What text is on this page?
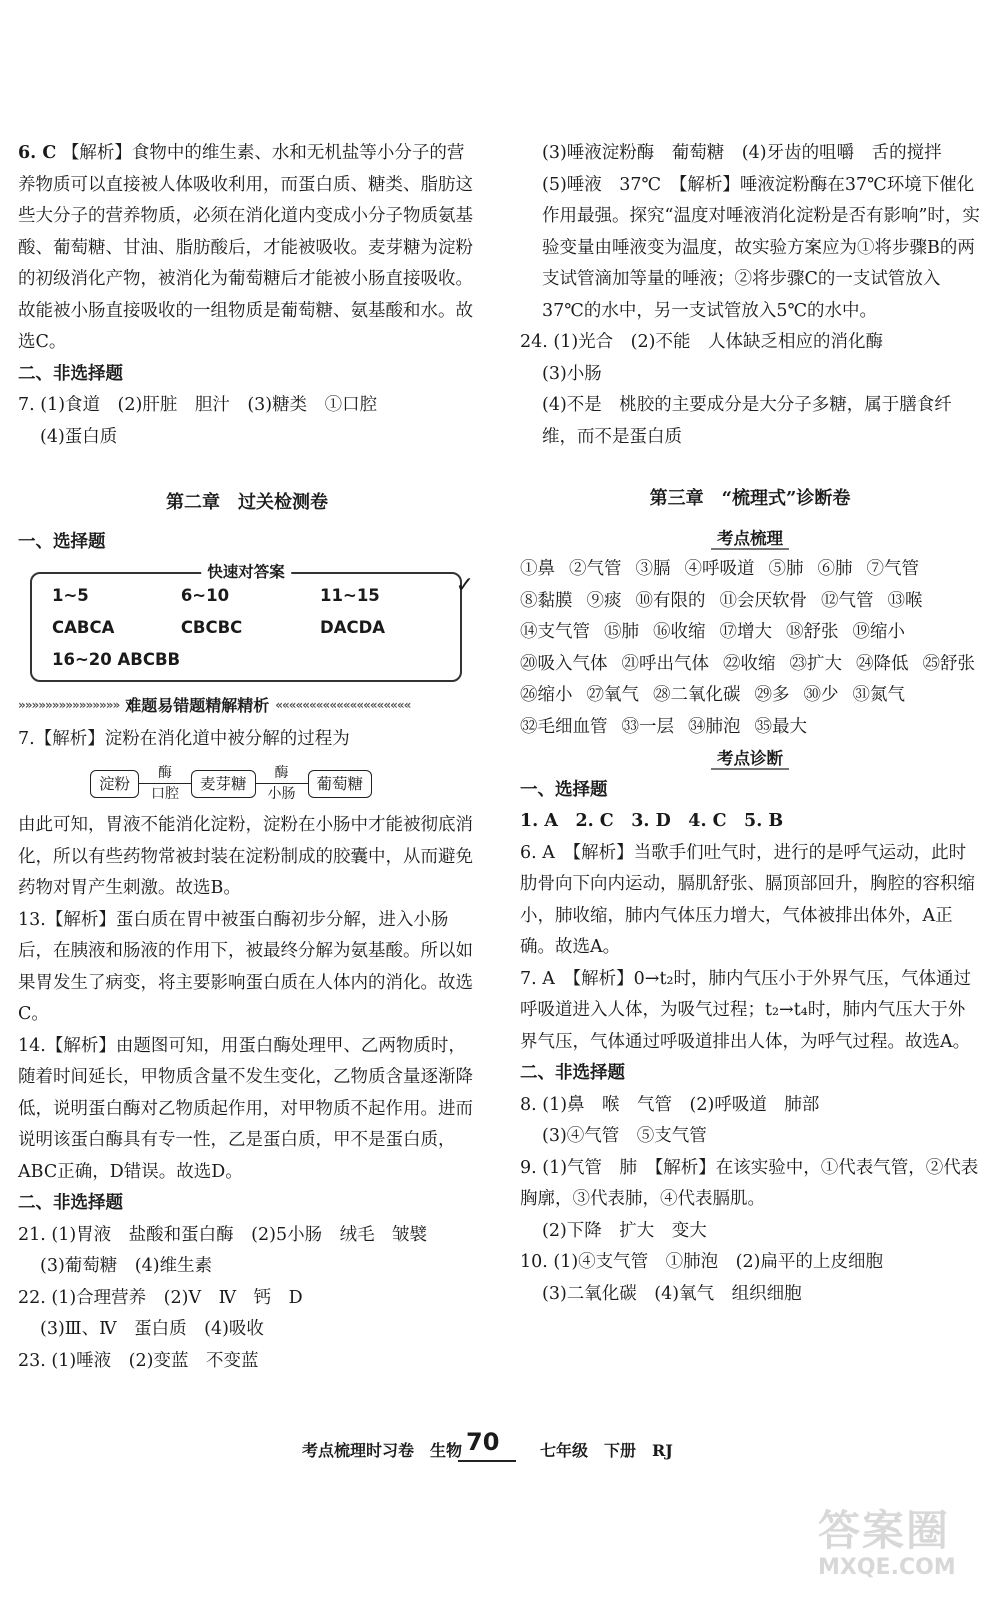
6. C 【解析】食物中的维生素、水和无机盐等小分子的营养物质可以直接被人体吸收利用，而蛋白质、糖类、脂肪这些大分子的营养物质，必须在消化道内变成小分子物质氨基酸、葡萄糖、甘油、脂肪酸后，才能被吸收。麦芽糖为淀粉的初级消化产物，被消化为葡萄糖后才能被小肠直接吸收。故能被小肠直接吸收的一组物质是葡萄糖、氨基酸和水。故选C。

二、非选择题

7. (1)食道　(2)肝脏　胆汁　(3)糖类　①口腔

(4)蛋白质

第二章　过关检测卷

一、选择题

快速对答案
✓
1~5 CABCA
6~10 CBCBC
11~15 DACDA
16~20 ABCBB
»»»»»»»»»»»»»»» 难题易错题精解精析 ««««««««««««««««««««

7.【解析】淀粉在消化道中被分解的过程为

淀粉
酶
口腔
麦芽糖
酶
小肠
葡萄糖

由此可知，胃液不能消化淀粉，淀粉在小肠中才能被彻底消化，所以有些药物常被封装在淀粉制成的胶囊中，从而避免药物对胃产生刺激。故选B。

13.【解析】蛋白质在胃中被蛋白酶初步分解，进入小肠后，在胰液和肠液的作用下，被最终分解为氨基酸。所以如果胃发生了病变，将主要影响蛋白质在人体内的消化。故选C。

14.【解析】由题图可知，用蛋白酶处理甲、乙两物质时，随着时间延长，甲物质含量不发生变化，乙物质含量逐渐降低，说明蛋白酶对乙物质起作用，对甲物质不起作用。进而说明该蛋白酶具有专一性，乙是蛋白质，甲不是蛋白质，ABC正确，D错误。故选D。

二、非选择题

21. (1)胃液　盐酸和蛋白酶　(2)5小肠　绒毛　皱襞

(3)葡萄糖　(4)维生素

22. (1)合理营养　(2)Ⅴ　Ⅳ　钙　D

(3)Ⅲ、Ⅳ　蛋白质　(4)吸收

23. (1)唾液　(2)变蓝　不变蓝

(3)唾液淀粉酶　葡萄糖　(4)牙齿的咀嚼　舌的搅拌

(5)唾液　37℃　【解析】唾液淀粉酶在37℃环境下催化作用最强。探究“温度对唾液消化淀粉是否有影响”时，实验变量由唾液变为温度，故实验方案应为①将步骤B的两支试管滴加等量的唾液；②将步骤C的一支试管放入37℃的水中，另一支试管放入5℃的水中。

24. (1)光合　(2)不能　人体缺乏相应的消化酶

(3)小肠

(4)不是　桃胶的主要成分是大分子多糖，属于膳食纤维，而不是蛋白质

第三章　“梳理式”诊断卷

考点梳理

①鼻 ②气管 ③膈 ④呼吸道 ⑤肺 ⑥肺 ⑦气管
⑧黏膜 ⑨痰 ⑩有限的 ⑪会厌软骨 ⑫气管 ⑬喉
⑭支气管 ⑮肺 ⑯收缩 ⑰增大 ⑱舒张 ⑲缩小
⑳吸入气体 ㉑呼出气体 ㉒收缩 ㉓扩大 ㉔降低 ㉕舒张
㉖缩小 ㉗氧气 ㉘二氧化碳 ㉙多 ㉚少 ㉛氮气
㉜毛细血管 ㉝一层 ㉞肺泡 ㉟最大

考点诊断

一、选择题

1. A　2. C　3. D　4. C　5. B

6. A　【解析】当歌手们吐气时，进行的是呼气运动，此时肋骨向下向内运动，膈肌舒张、膈顶部回升，胸腔的容积缩小，肺收缩，肺内气体压力增大，气体被排出体外，A正确。故选A。

7. A　【解析】0→t₂时，肺内气压小于外界气压，气体通过呼吸道进入人体，为吸气过程；t₂→t₄时，肺内气压大于外界气压，气体通过呼吸道排出人体，为呼气过程。故选A。

二、非选择题

8. (1)鼻　喉　气管　(2)呼吸道　肺部

(3)④气管　⑤支气管

9. (1)气管　肺　【解析】在该实验中，①代表气管，②代表胸廓，③代表肺，④代表膈肌。

(2)下降　扩大　变大

10. (1)④支气管　①肺泡　(2)扁平的上皮细胞

(3)二氧化碳　(4)氧气　组织细胞

考点梳理时习卷　生物 70	七年级　下册　RJ
答案圈
MXQE.COM
